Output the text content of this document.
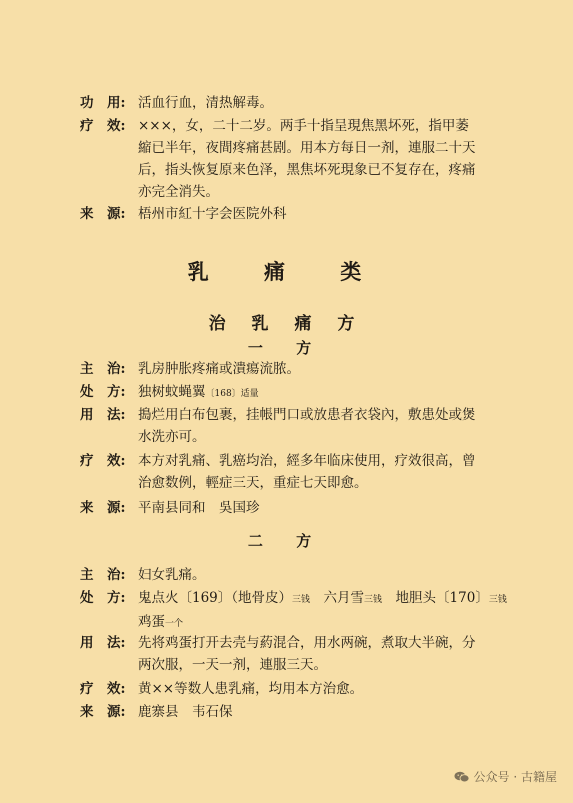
功　用: 活血行血，清热解毒。
疗　效: ×××，女，二十二岁。两手十指呈現焦黑坏死，指甲萎
縮已半年，夜間疼痛甚剧。用本方每日一剂，連服二十天
后，指头恢复原来色泽，黑焦坏死現象已不复存在，疼痛
亦完全消失。
来　源: 梧州市紅十字会医院外科
乳 痛 类
治 乳 痛 方
一 方
主　治: 乳房肿胀疼痛或潰瘍流脓。
处　方: 独树蚊蝇翼〔168〕适量
用　法: 搗烂用白布包裹，挂帳門口或放患者衣袋內，敷患处或煲
水洗亦可。
疗　效: 本方对乳痛、乳癌均治，經多年临床使用，疗效很高，曾
治愈数例，輕症三天，重症七天即愈。
来　源: 平南县同和　吳国珍
二 方
主　治: 妇女乳痛。
处　方: 鬼点火〔169〕（地骨皮）三钱　六月雪三钱　地胆头〔170〕三钱
鸡蛋一个
用　法: 先将鸡蛋打开去壳与葯混合，用水两碗，煮取大半碗，分
两次服，一天一剂，連服三天。
疗　效: 黄××等数人患乳痛，均用本方治愈。
来　源: 鹿寨县　韦石保
公众号 · 古籍屋
